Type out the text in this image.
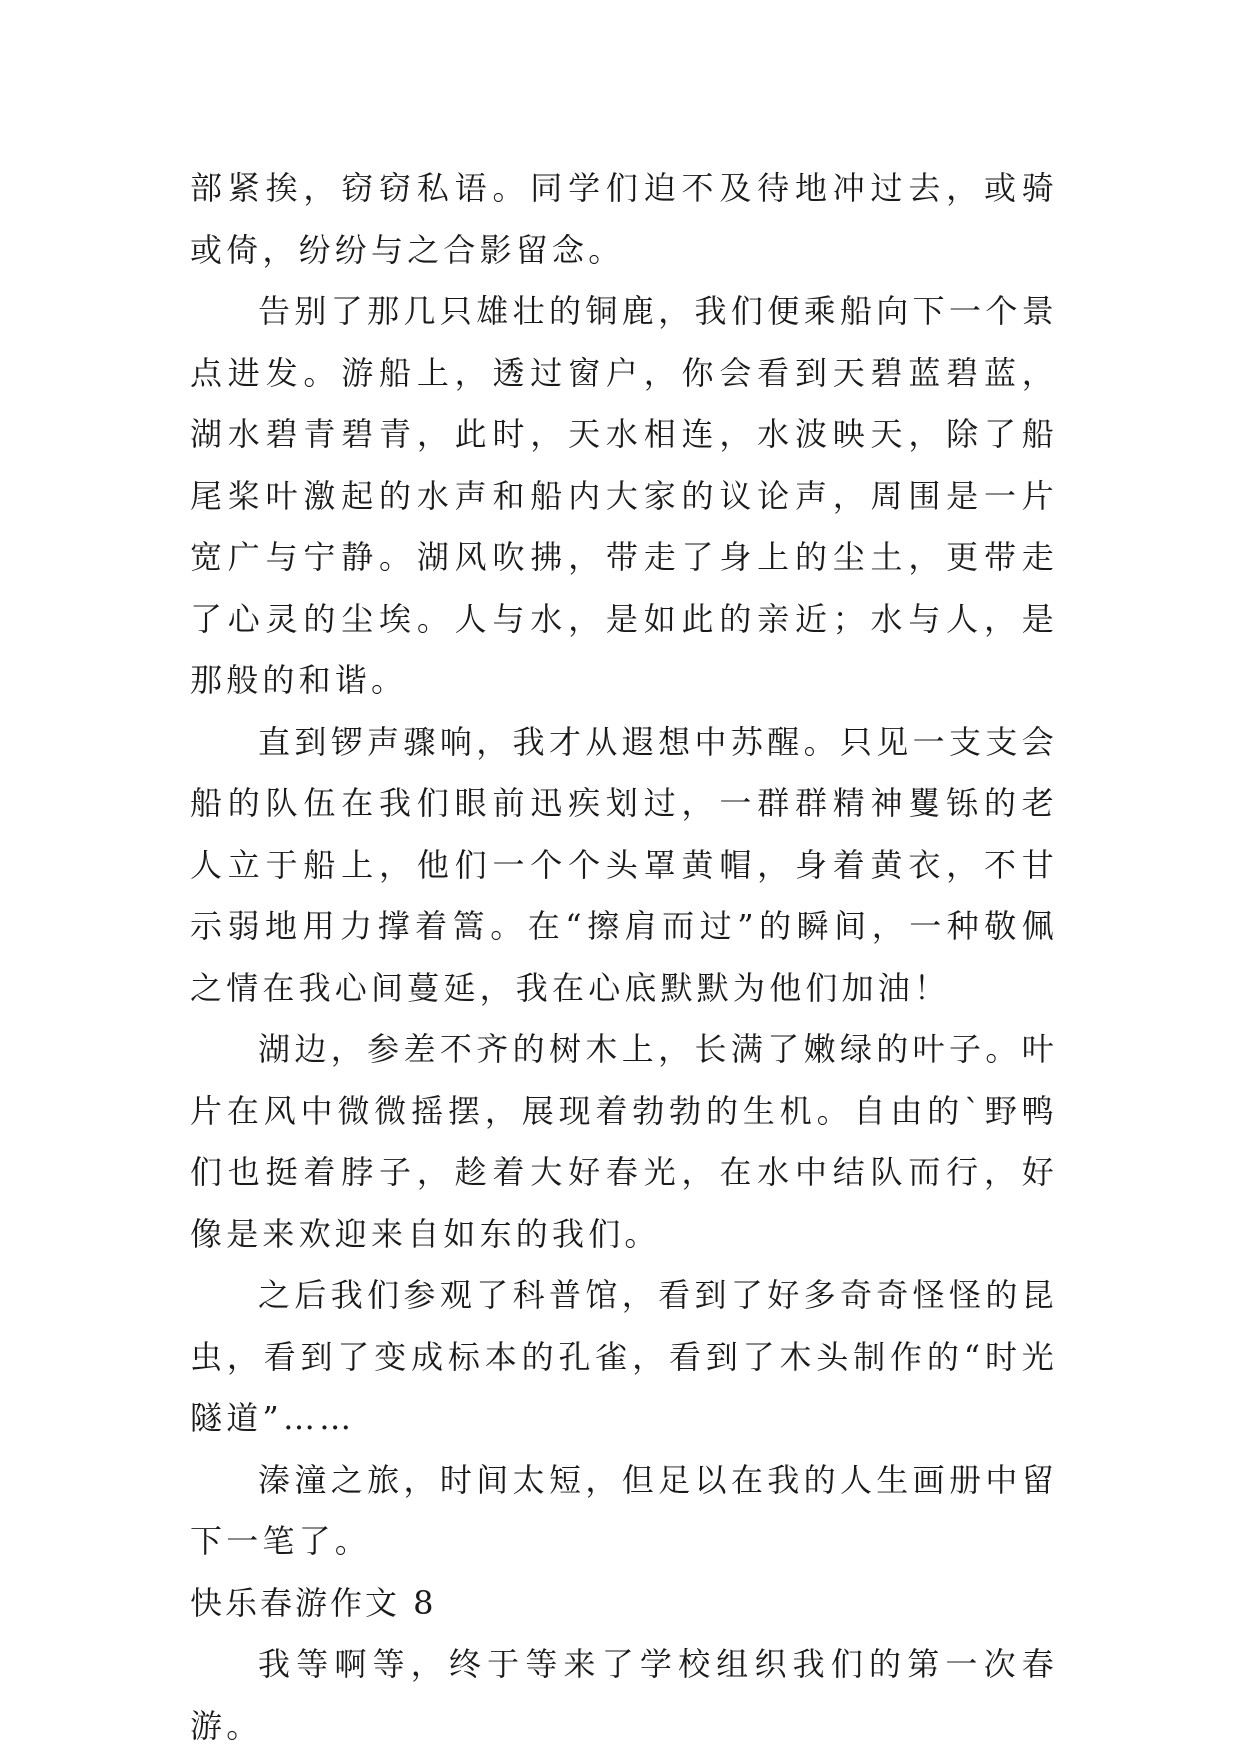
部紧挨，窃窃私语。同学们迫不及待地冲过去，或骑或倚，纷纷与之合影留念。

告别了那几只雄壮的铜鹿，我们便乘船向下一个景点进发。游船上，透过窗户，你会看到天碧蓝碧蓝，湖水碧青碧青，此时，天水相连，水波映天，除了船尾桨叶激起的水声和船内大家的议论声，周围是一片宽广与宁静。湖风吹拂，带走了身上的尘土，更带走了心灵的尘埃。人与水，是如此的亲近；水与人，是那般的和谐。

直到锣声骤响，我才从遐想中苏醒。只见一支支会船的队伍在我们眼前迅疾划过，一群群精神矍铄的老人立于船上，他们一个个头罩黄帽，身着黄衣，不甘示弱地用力撑着篙。在“擦肩而过”的瞬间，一种敬佩之情在我心间蔓延，我在心底默默为他们加油！

湖边，参差不齐的树木上，长满了嫩绿的叶子。叶片在风中微微摇摆，展现着勃勃的生机。自由的`野鸭们也挺着脖子，趁着大好春光，在水中结队而行，好像是来欢迎来自如东的我们。

之后我们参观了科普馆，看到了好多奇奇怪怪的昆虫，看到了变成标本的孔雀，看到了木头制作的“时光隧道”……

溱潼之旅，时间太短，但足以在我的人生画册中留下一笔了。

快乐春游作文 8

我等啊等，终于等来了学校组织我们的第一次春游。
